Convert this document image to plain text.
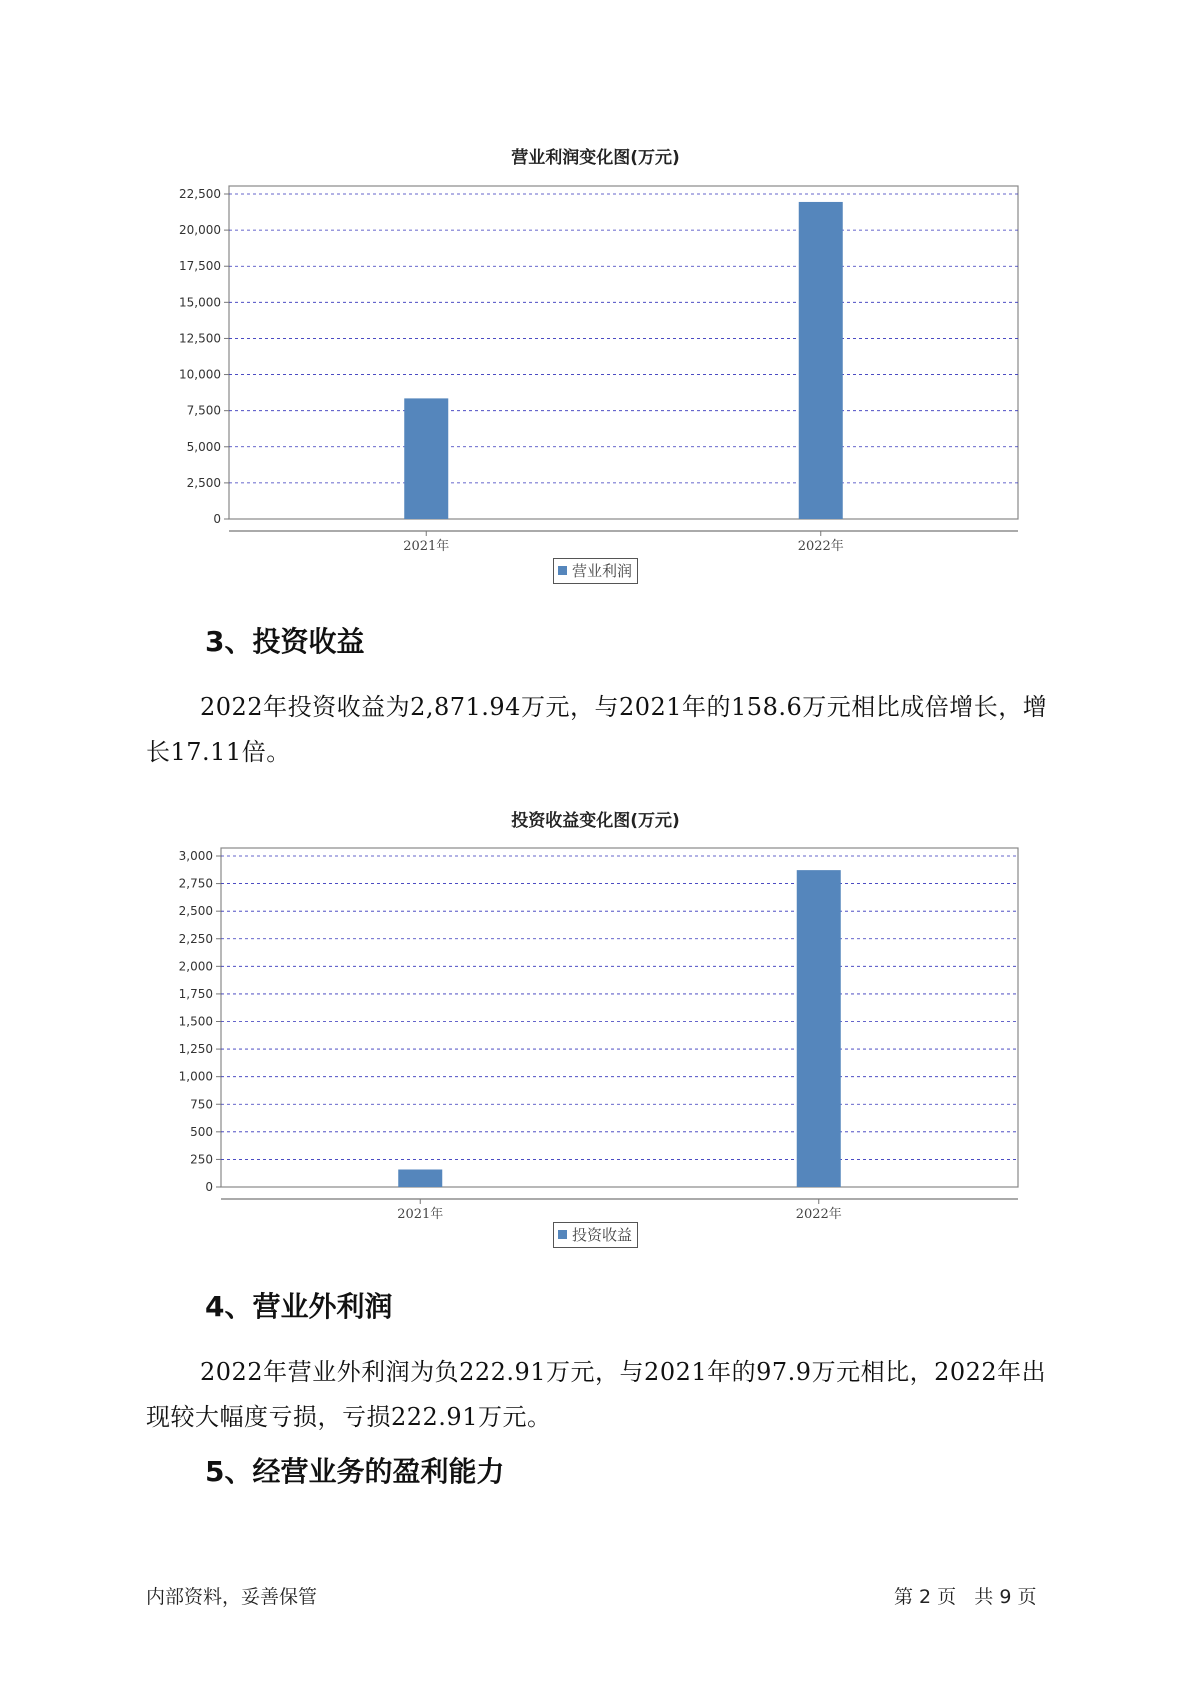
营业利润变化图(万元)
0
2,500
5,000
7,500
10,000
12,500
15,000
17,500
20,000
22,500
2021年	2022年
营业利润
3、投资收益
2022年投资收益为2,871.94万元，与2021年的158.6万元相比成倍增长，增长17.11倍。
投资收益变化图(万元)
0
250
500
750
1,000
1,250
1,500
1,750
2,000
2,250
2,500
2,750
3,000
2021年	2022年
投资收益
4、营业外利润
2022年营业外利润为负222.91万元，与2021年的97.9万元相比，2022年出现较大幅度亏损，亏损222.91万元。
5、经营业务的盈利能力
内部资料，妥善保管	第 2 页   共 9 页
